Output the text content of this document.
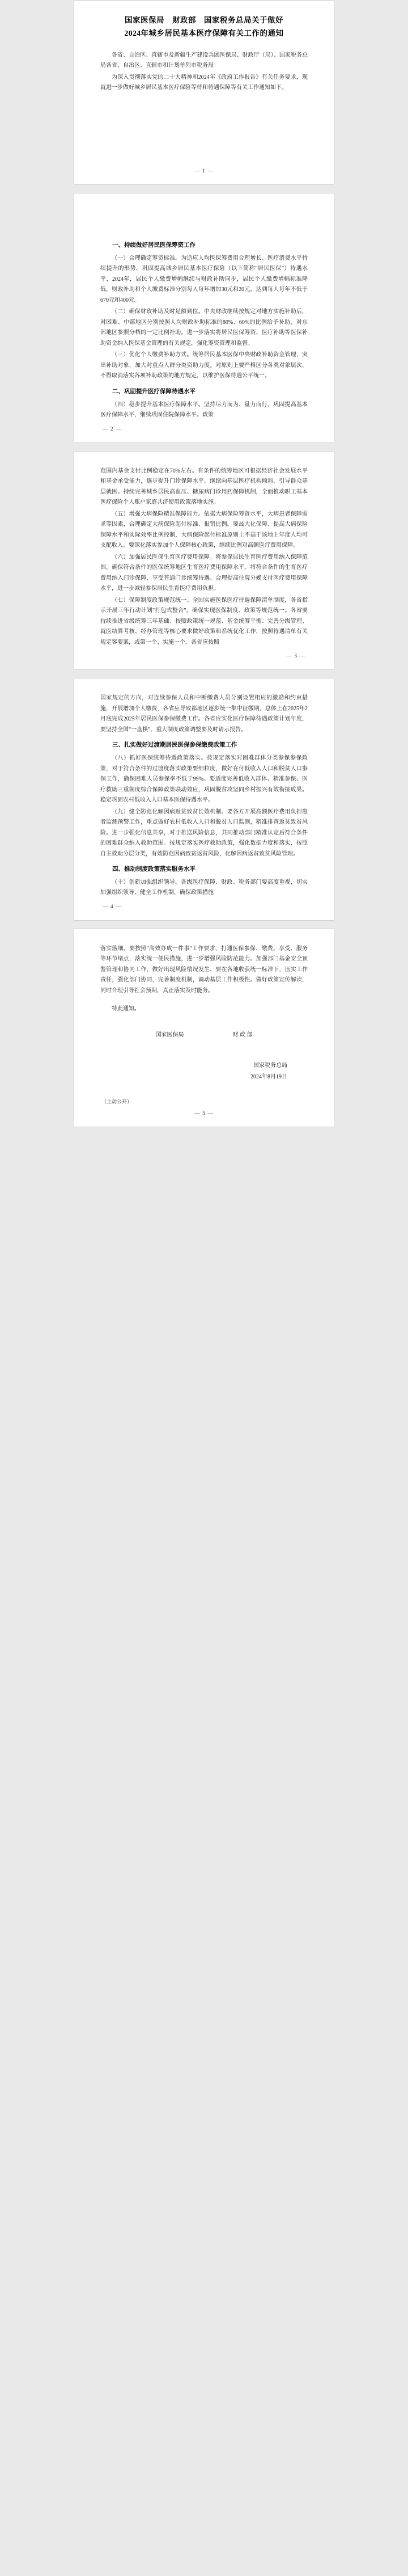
国家医保局　财政部　国家税务总局关于做好
2024年城乡居民基本医疗保障有关工作的通知

各省、自治区、直辖市及新疆生产建设兵团医保局、财政厅（局）、国家税务总局各省、自治区、直辖市和计划单列市税务局：

为深入贯彻落实党的二十大精神和2024年《政府工作报告》有关任务要求，现就进一步做好城乡居民基本医疗保险等待和待遇保障等有关工作通知如下。

— 1 —
一、持续做好居民医保筹资工作

（一）合理确定筹资标准。为适应人均医保筹费用合理增长、医疗消费水平持续提升的形势，巩固提高城乡居民基本医疗保险（以下简称"居民医保"）待遇水平，2024年，居民个人缴费增幅继续与财政补助同步，居民个人缴费增幅标准降低，财政补助和个人缴费标准分别每人每年增加30元和20元，达到每人每年不低于670元和400元。

（二）确保财政补助及时足额到位。中央财政继续按规定对地方实施补助后，对困难、中部地区分别按照人均财政补助标准的80%、60%的比例给予补助，对东部地区参照分档的一定比例补助。进一步落实将居民医保筹资、医疗补助等医保补助资金纳入医保基金管理的有关规定，强化筹资管理和监督。

（三）优化个人缴费补助方式。统筹居民基本医保中央财政补助资金管理，突出补助对象，加大对重点人群分类资助力度。对原则上要严格区分各类对象层次，不得取消落实各项补助政策的地方规定，以维护医保待遇公平统一。

二、巩固提升医疗保障待遇水平

（四）稳步提升基本医疗保障水平。坚持尽力而为、量力而行，巩固提高基本医疗保障水平，继续巩固住院保障水平。政策

— 2 —

范围内基金支付比例稳定在70%左右。有条件的统筹地区可根据经济社会发展水平和基金承受能力，逐步提升门诊保障水平。继续向基层医疗机构倾斜，引导群众基层就医。持续完善城乡居民高血压、糖尿病门诊用药保障机制，全面推动职工基本医疗保险个人账户家庭共济使用政策落地实施。

（五）增强大病保险精准保障能力。依据大病保险筹资水平，大病患者保障需求等因素，合理确定大病保险起付标准、报销比例。要最大化保障、提高大病保险保障水平和实际效率比例控制，大病保险起付标准原则上不高于该地上年度人均可支配收入。要深化落实参加个人保障核心政策，继续比例对高额医疗费用保障。

（六）加强居民医保生育医疗费用保障。将参保居民生育医疗费用纳入保障范围，确保符合条件的医保统筹地区生育医疗费用保障水平。将符合条件的生育医疗费用纳入门诊保障，享受普通门诊统筹待遇。合理提高住院分娩支付医疗费用保障水平，进一步减轻参保居民生育医疗费用负担。

（七）保障制度政策规范统一。全国实施医保医疗待遇保障清单制度，各省指示开展三年行动计划"打包式整合"。确保实现医保制度、政策等规范统一。各省要持续推进省级统筹三年基础、按照政策统一规范、基金统筹平衡、完善分级管理、就医结算考核、经办管理等核心要求做好政策和系统优化工作，按照待遇清单有关规定客要案，或第一个、实施一个。各省应按照

— 3 —

国家规定的方向，对连续参保人员和中断缴费人员分别设置相应的激励和约束措施，开展增加个人缴费，各省应导致都地区逐步统一集中征缴期，总体上在2025年2月底完成2025年居民医保参保缴费工作。各省应实化医疗保障待遇政策计划年度，要坚持全国"一盘棋"，重大制度政策调整要及时请示报告。

三、扎实做好过渡期居民医保参保缴费政策工作

（八）抓好医保统筹待遇政策落实。按规定落实对困难群体分类参保参保政策，对于符合条件的过渡度落实政策要细粒度，做好在付低收入人口和脱贫人口参保工作，确保困难人员参保率不低于99%。要适度完善低收入群体、精准参保、医疗救助三重制度综合保障政策联动效应，巩固脱贫攻坚同乡村振兴有效衔接成果。稳定巩固农村低收入人口基本医保待遇水平。

（九）健全防范化解因病返贫致贫长效机制。要各方开展高额医疗费用负担患者监测预警工作，重点做好农村低收入人口和脱贫人口监测，精准排查返贫致贫风险。进一步强化信息共享，对于推送风险信息，共同推动部门精准认定后符合条件的困难群众纳入救助范围。按规定落实医疗救助政策，强化数据力度和落实，按照自主救助分层分类，有效防范因病致贫返贫风险，化解因病返贫致贫风险管理。

四、推动制度政策落实服务水平

（十）创新加强组织领导。各级医疗保障、财政、税务部门要高度重视，切实加强组织领导，健全工作机制，确保政策措施

— 4 —

落实落细。要按照"高效办成一件事"工作要求，打通医保参保、缴费、享受、服务等环节堵点，落实统一便民措施，进一步增强风险防范能力。加强部门基金安全预警管理和协同工作，做好出现风险情况发生、要在各地收获统一标准下，压实工作责任，强化部门协同，完善制度机制，调动基层工作积极性。做好政策宣传解读，同时合理引导社会预期，真正落实及时能务。

特此通知。

国家医保局	财 政 部
国家税务总局
2024年8月19日
（主动公开）
— 5 —
